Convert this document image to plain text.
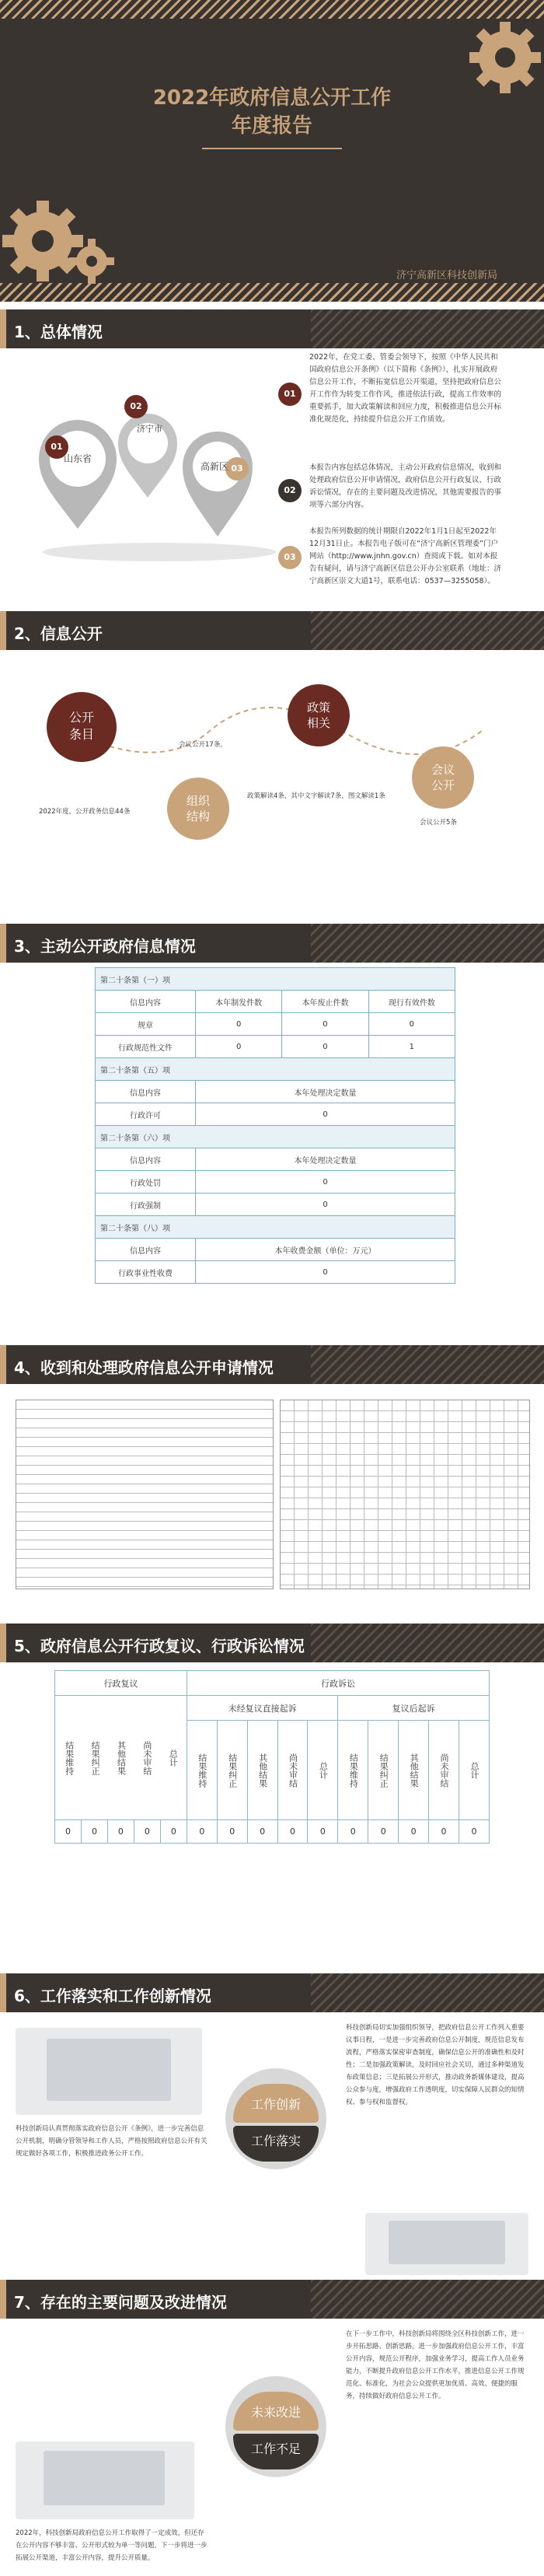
2022年政府信息公开工作
年度报告
济宁高新区科技创新局
1、总体情况
01
山东省
02
济宁市
03
高新区
01
2022年，在党工委、管委会领导下，按照《中华人民共和国政府信息公开条例》（以下简称《条例》），扎实开展政府信息公开工作，不断拓宽信息公开渠道，坚持把政府信息公开工作作为转变工作作风，推进依法行政，提高工作效率的重要抓手，加大政策解读和回应力度，积极推进信息公开标准化规范化，持续提升信息公开工作质效。
02
本报告内容包括总体情况，主动公开政府信息情况，收到和处理政府信息公开申请情况，政府信息公开行政复议、行政诉讼情况，存在的主要问题及改进情况，其他需要报告的事项等六部分内容。
03
本报告所列数据的统计期限自2022年1月1日起至2022年12月31日止。本报告电子版可在“济宁高新区管理委”门户网站（http://www.jnhn.gov.cn）查阅或下载。如对本报告有疑问，请与济宁高新区信息公开办公室联系（地址：济宁高新区崇文大道1号，联系电话：0537—3255058）。
2、信息公开
公开
条目
组织
结构
政策
相关
会议
公开
2022年度，公开政务信息44条
会议公开17条。
政策解读4条，其中文字解读7条，图文解读1条
会议公开5条
3、主动公开政府信息情况
第二十条第（一）项			
信息内容	本年制发件数	本年废止件数	现行有效件数
规章	0	0	0
行政规范性文件	0	0	1
第二十条第（五）项			
信息内容	本年处理决定数量		
行政许可	0		
第二十条第（六）项			
信息内容	本年处理决定数量		
行政处罚	0		
行政强制	0		
第二十条第（八）项			
信息内容	本年收费金额（单位：万元）		
行政事业性收费	0		
4、收到和处理政府信息公开申请情况
5、政府信息公开行政复议、行政诉讼情况
行政复议					行政诉讼									

结果维持 结果纠正 其他结果 尚未审结 总计					未经复议直接起诉					复议后起诉				
					结果维持	结果纠正	其他结果	尚未审结	总计	结果维持	结果纠正	其他结果	尚未审结	总计
0	0	0	0	0	0	0	0	0	0	0	0	0	0	0
6、工作落实和工作创新情况
科技创新局认真贯彻落实政府信息公开《条例》，进一步完善信息公开机制，明确分管领导和工作人员，严格按照政府信息公开有关规定做好各项工作，积极推进政务公开工作。
科技创新局切实加强组织领导，把政府信息公开工作列入重要议事日程，一是进一步完善政府信息公开制度，规范信息发布流程，严格落实保密审查制度，确保信息公开的准确性和及时性；二是加强政策解读，及时回应社会关切，通过多种渠道发布政策信息；三是拓展公开形式，推动政务新媒体建设，提高公众参与度，增强政府工作透明度，切实保障人民群众的知情权、参与权和监督权。
工作创新
工作落实
7、存在的主要问题及改进情况
在下一步工作中，科技创新局将围绕全区科技创新工作，进一步开拓思路、创新思路，进一步加强政府信息公开工作，丰富公开内容，规范公开程序，加强业务学习，提高工作人员业务能力，不断提升政府信息公开工作水平，推进信息公开工作规范化、标准化，为社会公众提供更加优质、高效、便捷的服务，持续做好政府信息公开工作。
未来改进
工作不足
2022年，科技创新局政府信息公开工作取得了一定成效，但还存在公开内容不够丰富、公开形式较为单一等问题，下一步将进一步拓展公开渠道，丰富公开内容，提升公开质量。
